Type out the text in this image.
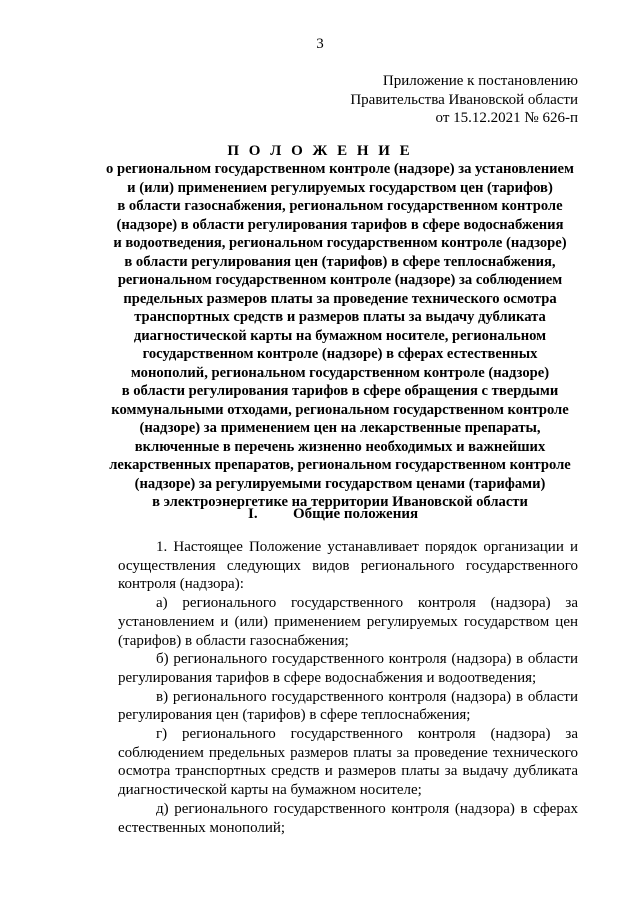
3
Приложение к постановлению
Правительства Ивановской области
от 15.12.2021 № 626-п
П О Л О Ж Е Н И Е
о региональном государственном контроле (надзоре) за установлением
и (или) применением регулируемых государством цен (тарифов)
в области газоснабжения, региональном государственном контроле
(надзоре) в области регулирования тарифов в сфере водоснабжения
и водоотведения, региональном государственном контроле (надзоре)
в области регулирования цен (тарифов) в сфере теплоснабжения,
региональном государственном контроле (надзоре) за соблюдением
предельных размеров платы за проведение технического осмотра
транспортных средств и размеров платы за выдачу дубликата
диагностической карты на бумажном носителе, региональном
государственном контроле (надзоре) в сферах естественных
монополий, региональном государственном контроле (надзоре)
в области регулирования тарифов в сфере обращения с твердыми
коммунальными отходами, региональном государственном контроле
(надзоре) за применением цен на лекарственные препараты,
включенные в перечень жизненно необходимых и важнейших
лекарственных препаратов, региональном государственном контроле
(надзоре) за регулируемыми государством ценами (тарифами)
в электроэнергетике на территории Ивановской области
I. Общие положения

1. Настоящее Положение устанавливает порядок организации и осуществления следующих видов регионального государственного контроля (надзора):

а) регионального государственного контроля (надзора) за установлением и (или) применением регулируемых государством цен (тарифов) в области газоснабжения;

б) регионального государственного контроля (надзора) в области регулирования тарифов в сфере водоснабжения и водоотведения;

в) регионального государственного контроля (надзора) в области регулирования цен (тарифов) в сфере теплоснабжения;

г) регионального государственного контроля (надзора) за соблюдением предельных размеров платы за проведение технического осмотра транспортных средств и размеров платы за выдачу дубликата диагностической карты на бумажном носителе;

д) регионального государственного контроля (надзора) в сферах естественных монополий;
